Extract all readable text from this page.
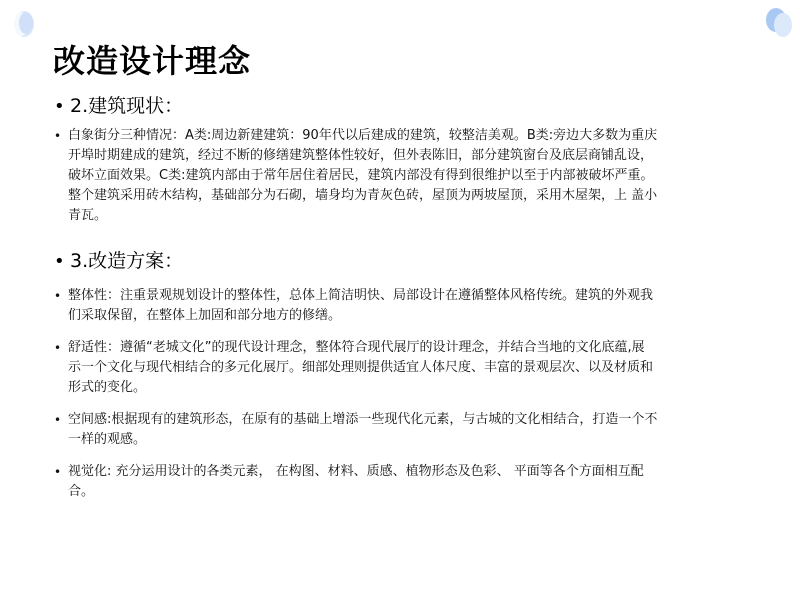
改造设计理念
• 2.建筑现状：
• 白象街分三种情况：A类:周边新建建筑：90年代以后建成的建筑，较整洁美观。B类:旁边大多数为重庆
开埠时期建成的建筑，经过不断的修缮建筑整体性较好，但外表陈旧，部分建筑窗台及底层商铺乱设，
破坏立面效果。C类:建筑内部由于常年居住着居民，建筑内部没有得到很维护以至于内部被破坏严重。
整个建筑采用砖木结构，基础部分为石砌，墙身均为青灰色砖，屋顶为两坡屋顶，采用木屋架，上 盖小
青瓦。
• 3.改造方案：
• 整体性：注重景观规划设计的整体性，总体上简洁明快、局部设计在遵循整体风格传统。建筑的外观我
们采取保留，在整体上加固和部分地方的修缮。
• 舒适性：遵循“老城文化”的现代设计理念，整体符合现代展厅的设计理念，并结合当地的文化底蕴,展
示一个文化与现代相结合的多元化展厅。细部处理则提供适宜人体尺度、丰富的景观层次、以及材质和
形式的变化。
• 空间感:根据现有的建筑形态，在原有的基础上增添一些现代化元素，与古城的文化相结合，打造一个不
一样的观感。
• 视觉化: 充分运用设计的各类元素， 在构图、材料、质感、植物形态及色彩、 平面等各个方面相互配
合。
